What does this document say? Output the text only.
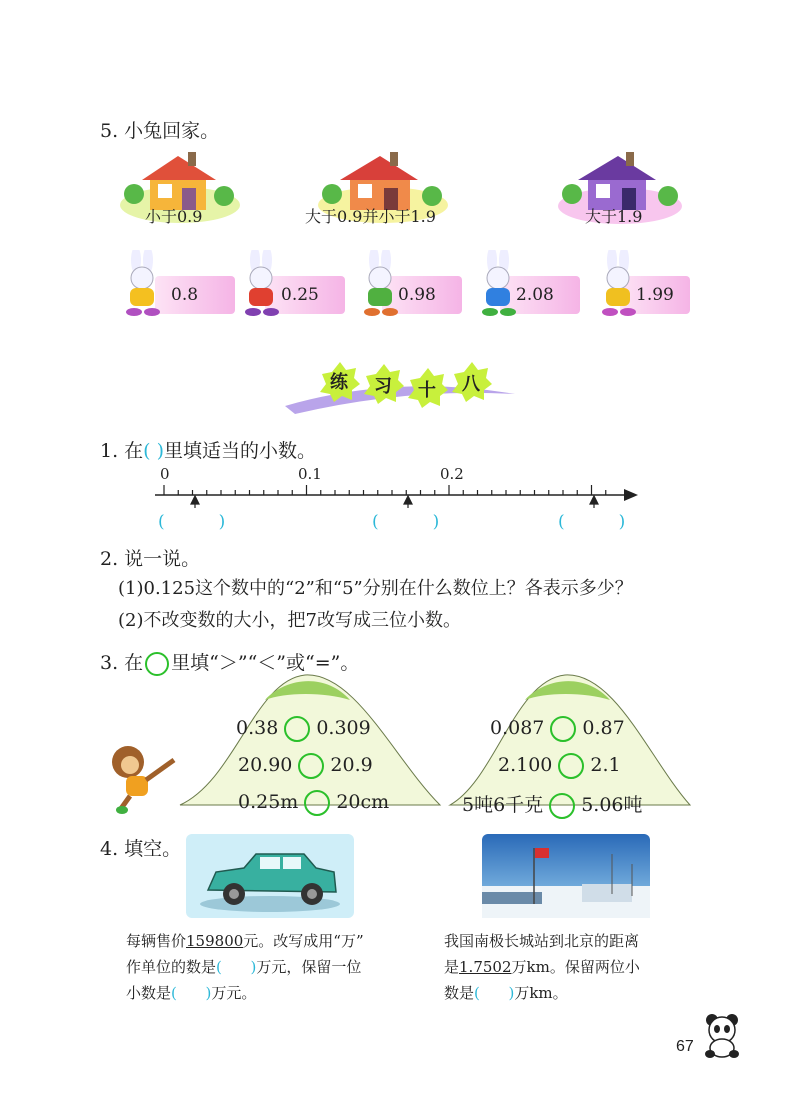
5. 小兔回家。
小于0.9	大于0.9并小于1.9	大于1.9
0.8	0.25	0.98	2.08	1.99
练 习 十 八
1. 在( )里填适当的小数。
0	0.1	0.2
(          )	(          )	(          )
2. 说一说。
(1)0.125这个数中的“2”和“5”分别在什么数位上？各表示多少？
(2)不改变数的大小，把7改写成三位小数。
3. 在 里填“＞”“＜”或“=”。
0.38 0.309
20.90 20.9
0.25m 20cm
0.087 0.87
2.100 2.1
5吨6千克 5.06吨
4. 填空。
每辆售价159800元。改写成用“万”
作单位的数是(      )万元，保留一位
小数是(      )万元。
我国南极长城站到北京的距离
是1.7502万km。保留两位小
数是(      )万km。
67
